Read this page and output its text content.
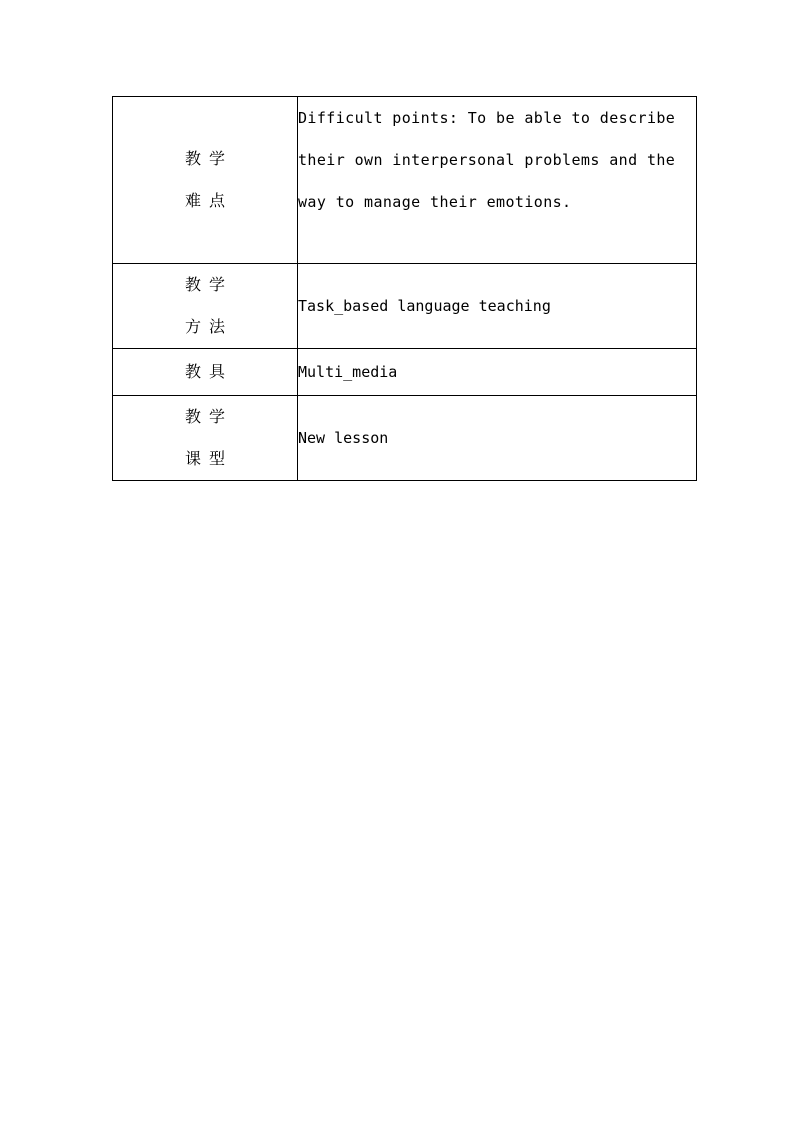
教学
难点	Difficult points: To be able to describe their own interpersonal problems and the way to manage their emotions.

教学
方法	Task_based language teaching

教具	Multi_media

教学
课型	New lesson
